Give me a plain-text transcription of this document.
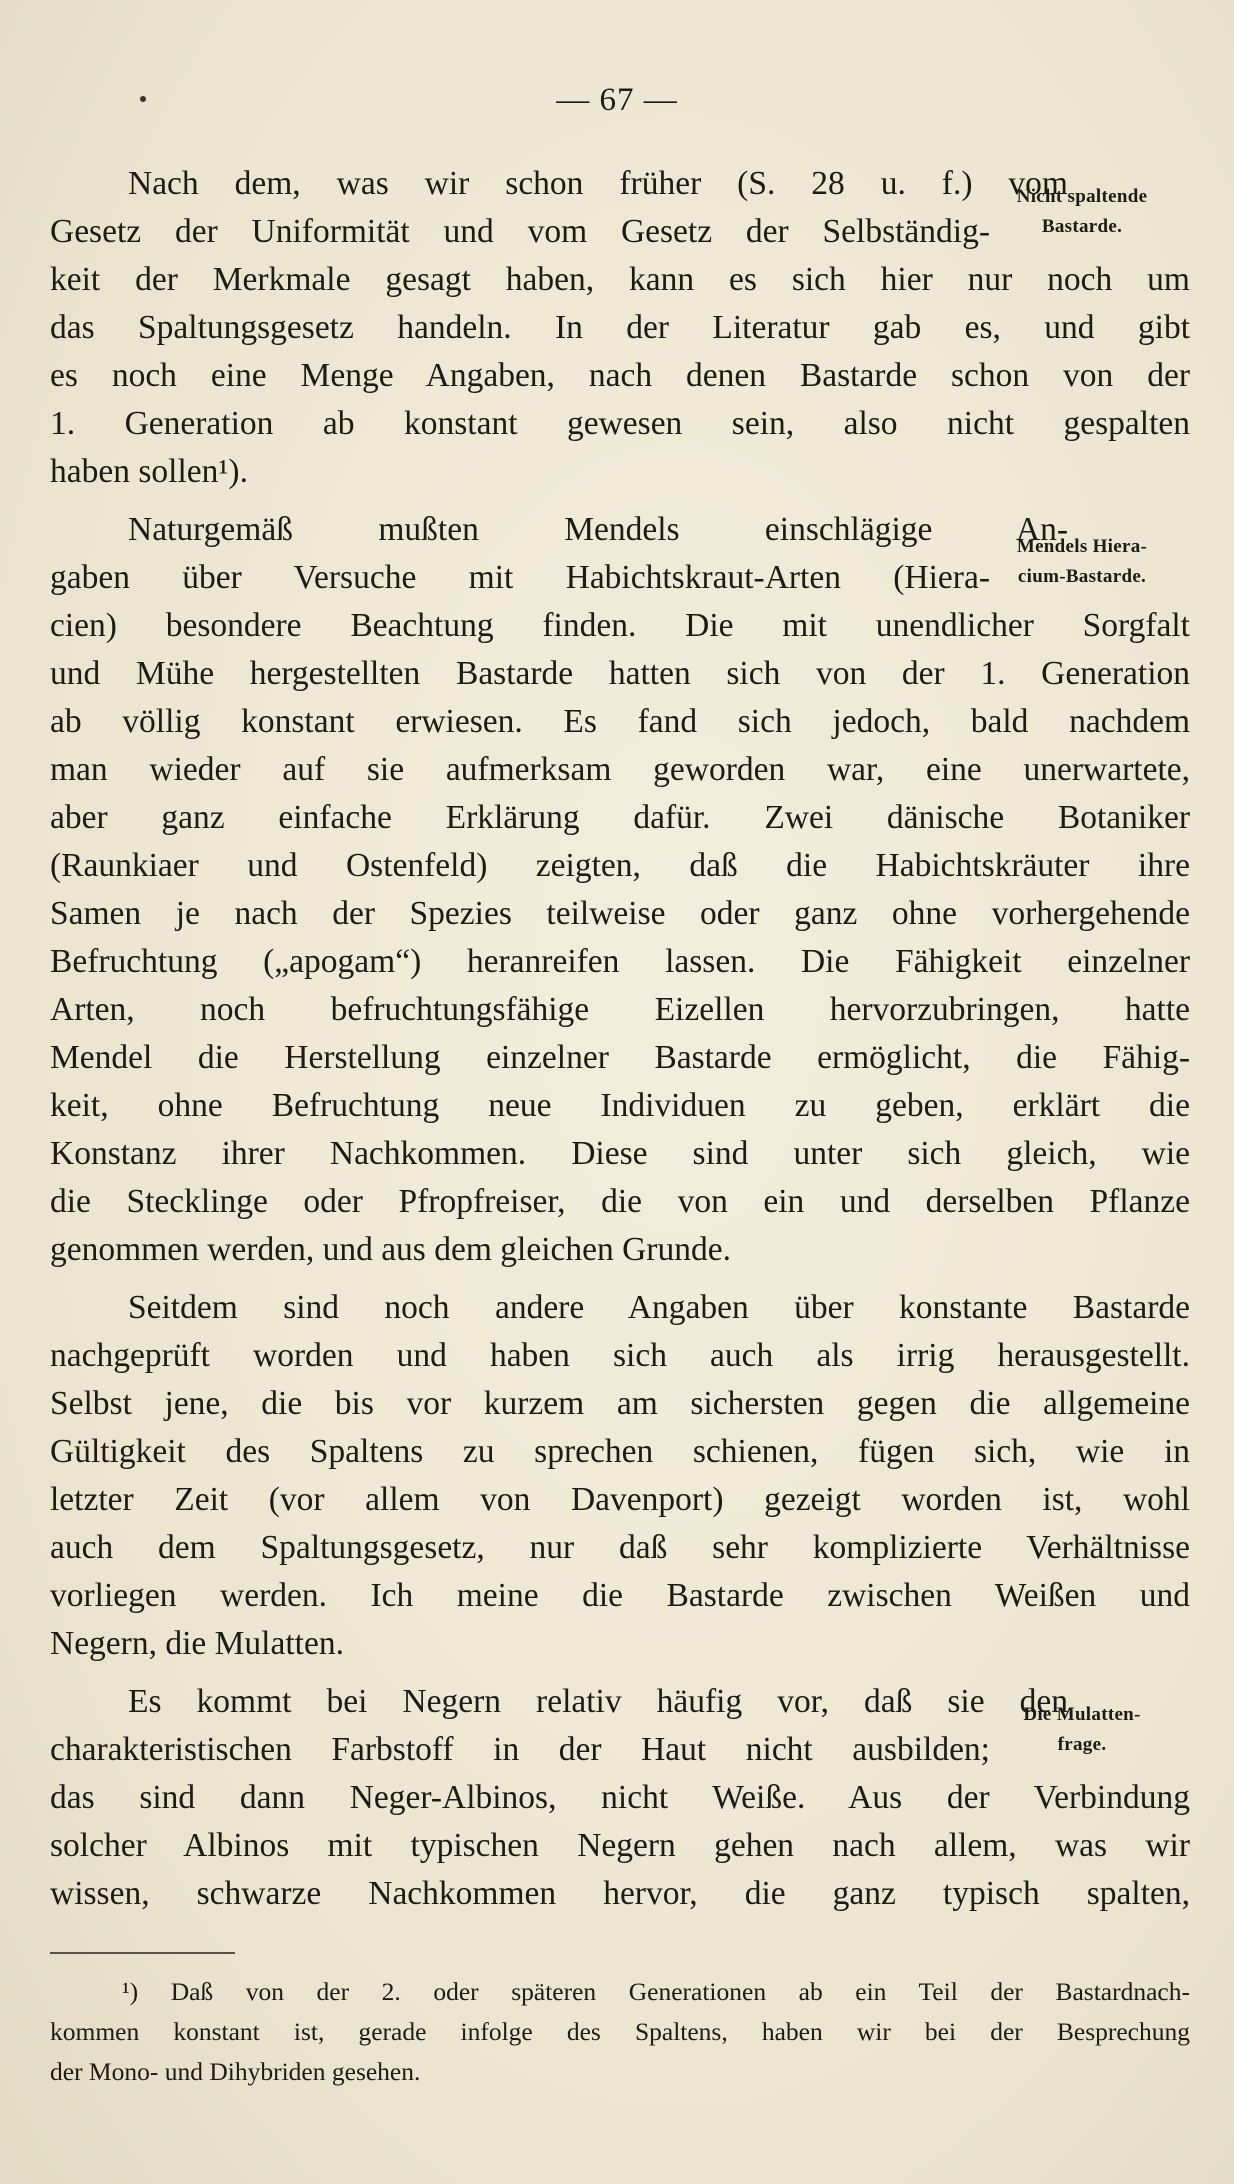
— 67 —
Nicht spaltende
Bastarde.
Mendels Hiera-
cium-Bastarde.
Die Mulatten-
frage.
Nach dem, was wir schon früher (S. 28 u. f.) vom
Gesetz der Uniformität und vom Gesetz der Selbständig-
keit der Merkmale gesagt haben, kann es sich hier nur noch um
das Spaltungsgesetz handeln. In der Literatur gab es, und gibt
es noch eine Menge Angaben, nach denen Bastarde schon von der
1. Generation ab konstant gewesen sein, also nicht gespalten
haben sollen¹).
Naturgemäß mußten Mendels einschlägige An-
gaben über Versuche mit Habichtskraut-Arten (Hiera-
cien) besondere Beachtung finden. Die mit unendlicher Sorgfalt
und Mühe hergestellten Bastarde hatten sich von der 1. Generation
ab völlig konstant erwiesen. Es fand sich jedoch, bald nachdem
man wieder auf sie aufmerksam geworden war, eine unerwartete,
aber ganz einfache Erklärung dafür. Zwei dänische Botaniker
(Raunkiaer und Ostenfeld) zeigten, daß die Habichtskräuter ihre
Samen je nach der Spezies teilweise oder ganz ohne vorhergehende
Befruchtung („apogam“) heranreifen lassen. Die Fähigkeit einzelner
Arten, noch befruchtungsfähige Eizellen hervorzubringen, hatte
Mendel die Herstellung einzelner Bastarde ermöglicht, die Fähig-
keit, ohne Befruchtung neue Individuen zu geben, erklärt die
Konstanz ihrer Nachkommen. Diese sind unter sich gleich, wie
die Stecklinge oder Pfropfreiser, die von ein und derselben Pflanze
genommen werden, und aus dem gleichen Grunde.
Seitdem sind noch andere Angaben über konstante Bastarde
nachgeprüft worden und haben sich auch als irrig herausgestellt.
Selbst jene, die bis vor kurzem am sichersten gegen die allgemeine
Gültigkeit des Spaltens zu sprechen schienen, fügen sich, wie in
letzter Zeit (vor allem von Davenport) gezeigt worden ist, wohl
auch dem Spaltungsgesetz, nur daß sehr komplizierte Verhältnisse
vorliegen werden. Ich meine die Bastarde zwischen Weißen und
Negern, die Mulatten.
Es kommt bei Negern relativ häufig vor, daß sie den
charakteristischen Farbstoff in der Haut nicht ausbilden;
das sind dann Neger-Albinos, nicht Weiße. Aus der Verbindung
solcher Albinos mit typischen Negern gehen nach allem, was wir
wissen, schwarze Nachkommen hervor, die ganz typisch spalten,
¹) Daß von der 2. oder späteren Generationen ab ein Teil der Bastardnach-
kommen konstant ist, gerade infolge des Spaltens, haben wir bei der Besprechung
der Mono- und Dihybriden gesehen.
